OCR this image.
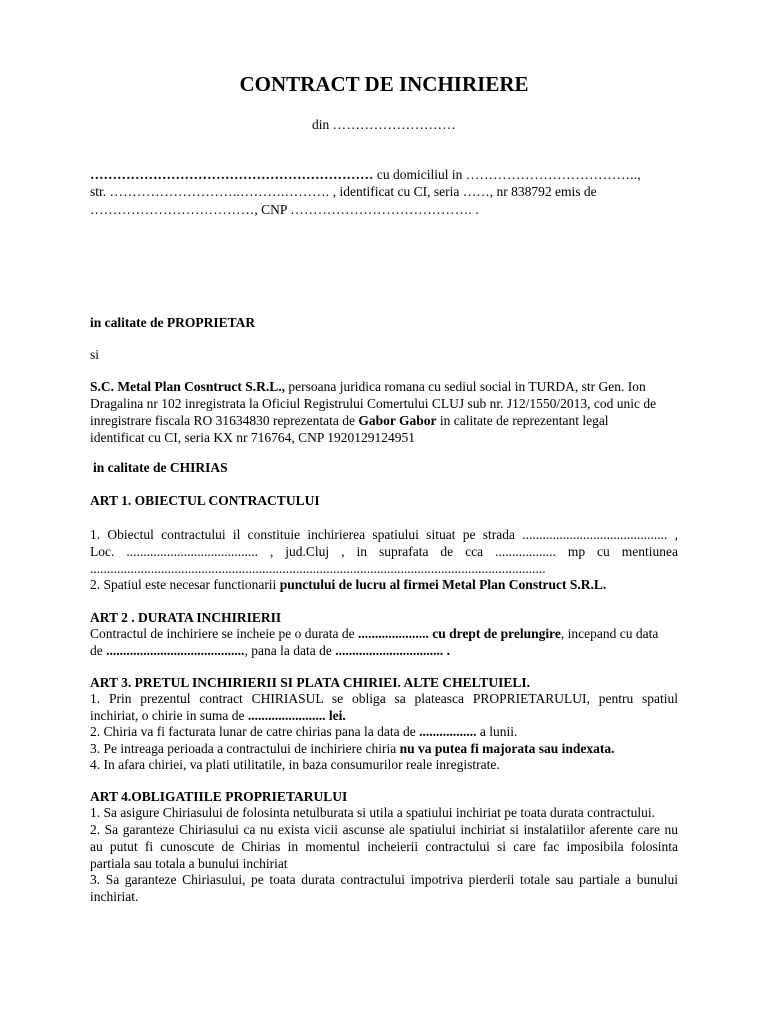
CONTRACT DE INCHIRIERE
din ………………………
……………………………………………………… cu domiciliul in ………………………………..,
str. ………………………..……….………. , identificat cu CI, seria ……, nr 838792 emis de
………………………………, CNP …………………………………. .
in calitate de PROPRIETAR
si
S.C. Metal Plan Cosntruct S.R.L., persoana juridica romana cu sediul social in TURDA, str Gen. Ion
Dragalina nr 102 inregistrata la Oficiul Registrului Comertului CLUJ sub nr. J12/1550/2013, cod unic de
inregistrare fiscala RO 31634830 reprezentata de Gabor Gabor in calitate de reprezentant legal
identificat cu CI, seria KX nr 716764, CNP 1920129124951
in calitate de CHIRIAS
ART 1. OBIECTUL CONTRACTULUI
1. Obiectul contractului il constituie inchirierea spatiului situat pe strada ........................................... ,
Loc. ....................................... , jud.Cluj , in suprafata de cca .................. mp cu mentiunea
.......................................................................................................................................
2. Spatiul este necesar functionarii punctului de lucru al firmei Metal Plan Construct S.R.L.
ART 2 . DURATA INCHIRIERII
Contractul de inchiriere se incheie pe o durata de ..................... cu drept de prelungire, incepand cu data
de ........................................., pana la data de ................................ .
ART 3. PRETUL INCHIRIERII SI PLATA CHIRIEI. ALTE CHELTUIELI.
1. Prin prezentul contract CHIRIASUL se obliga sa plateasca PROPRIETARULUI, pentru spatiul
inchiriat, o chirie in suma de ....................... lei.
2. Chiria va fi facturata lunar de catre chirias pana la data de ................. a lunii.
3. Pe intreaga perioada a contractului de inchiriere chiria nu va putea fi majorata sau indexata.
4. In afara chiriei, va plati utilitatile, in baza consumurilor reale inregistrate.
ART 4.OBLIGATIILE PROPRIETARULUI
1. Sa asigure Chiriasului de folosinta netulburata si utila a spatiului inchiriat pe toata durata contractului.
2. Sa garanteze Chiriasului ca nu exista vicii ascunse ale spatiului inchiriat si instalatiilor aferente care nu
au putut fi cunoscute de Chirias in momentul incheierii contractului si care fac imposibila folosinta
partiala sau totala a bunului inchiriat
3. Sa garanteze Chiriasului, pe toata durata contractului impotriva pierderii totale sau partiale a bunului
inchiriat.
